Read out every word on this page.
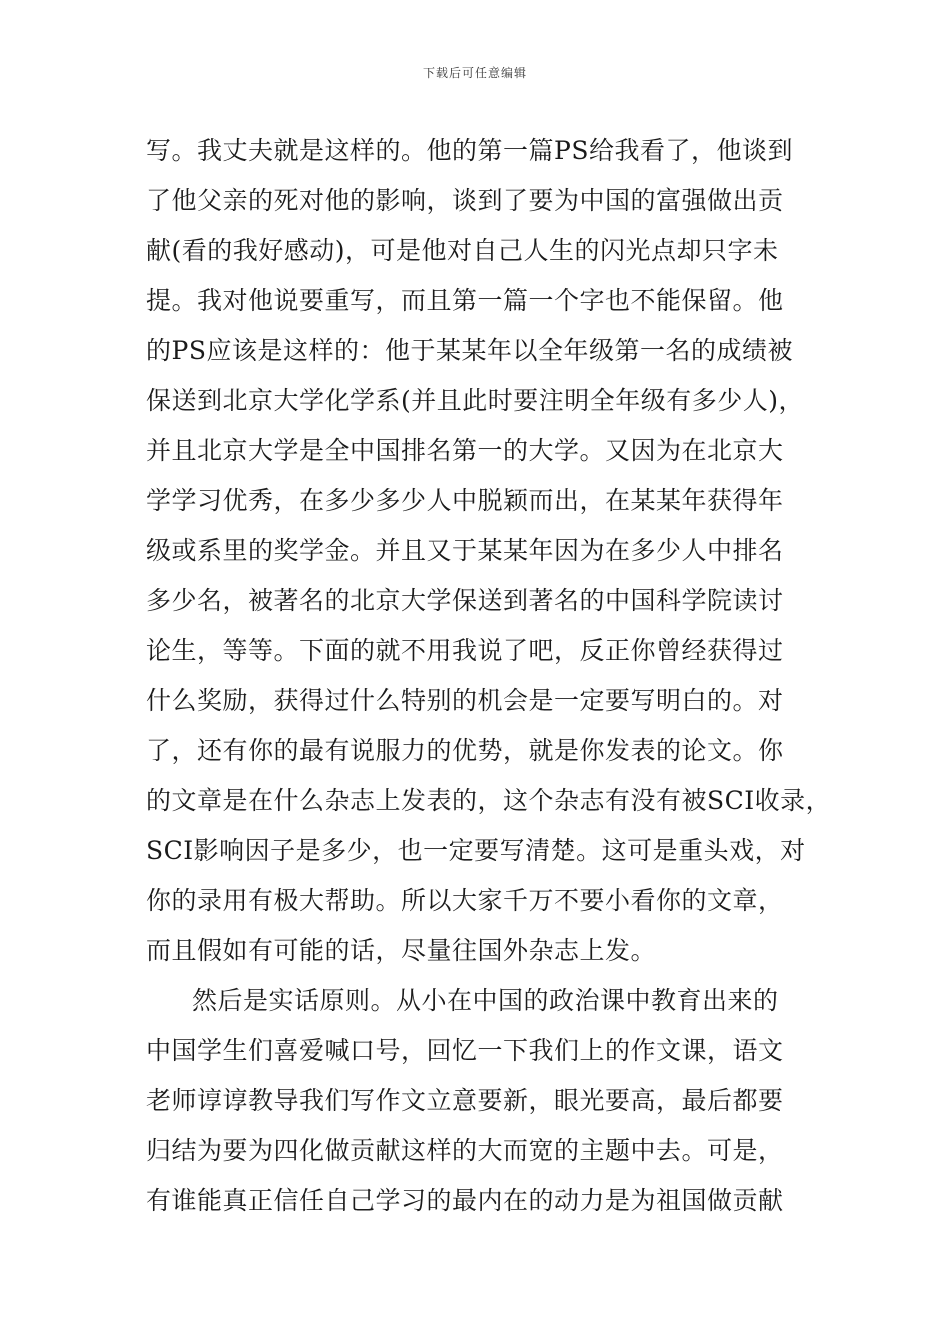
下载后可任意编辑
写。我丈夫就是这样的。他的第一篇PS给我看了，他谈到
了他父亲的死对他的影响，谈到了要为中国的富强做出贡
献(看的我好感动)，可是他对自己人生的闪光点却只字未
提。我对他说要重写，而且第一篇一个字也不能保留。他
的PS应该是这样的：他于某某年以全年级第一名的成绩被
保送到北京大学化学系(并且此时要注明全年级有多少人)，
并且北京大学是全中国排名第一的大学。又因为在北京大
学学习优秀，在多少多少人中脱颖而出，在某某年获得年
级或系里的奖学金。并且又于某某年因为在多少人中排名
多少名，被著名的北京大学保送到著名的中国科学院读讨
论生，等等。下面的就不用我说了吧，反正你曾经获得过
什么奖励，获得过什么特别的机会是一定要写明白的。对
了，还有你的最有说服力的优势，就是你发表的论文。你
的文章是在什么杂志上发表的，这个杂志有没有被SCI收录，
SCI影响因子是多少，也一定要写清楚。这可是重头戏，对
你的录用有极大帮助。所以大家千万不要小看你的文章，
而且假如有可能的话，尽量往国外杂志上发。
然后是实话原则。从小在中国的政治课中教育出来的
中国学生们喜爱喊口号，回忆一下我们上的作文课，语文
老师谆谆教导我们写作文立意要新，眼光要高，最后都要
归结为要为四化做贡献这样的大而宽的主题中去。可是，
有谁能真正信任自己学习的最内在的动力是为祖国做贡献
